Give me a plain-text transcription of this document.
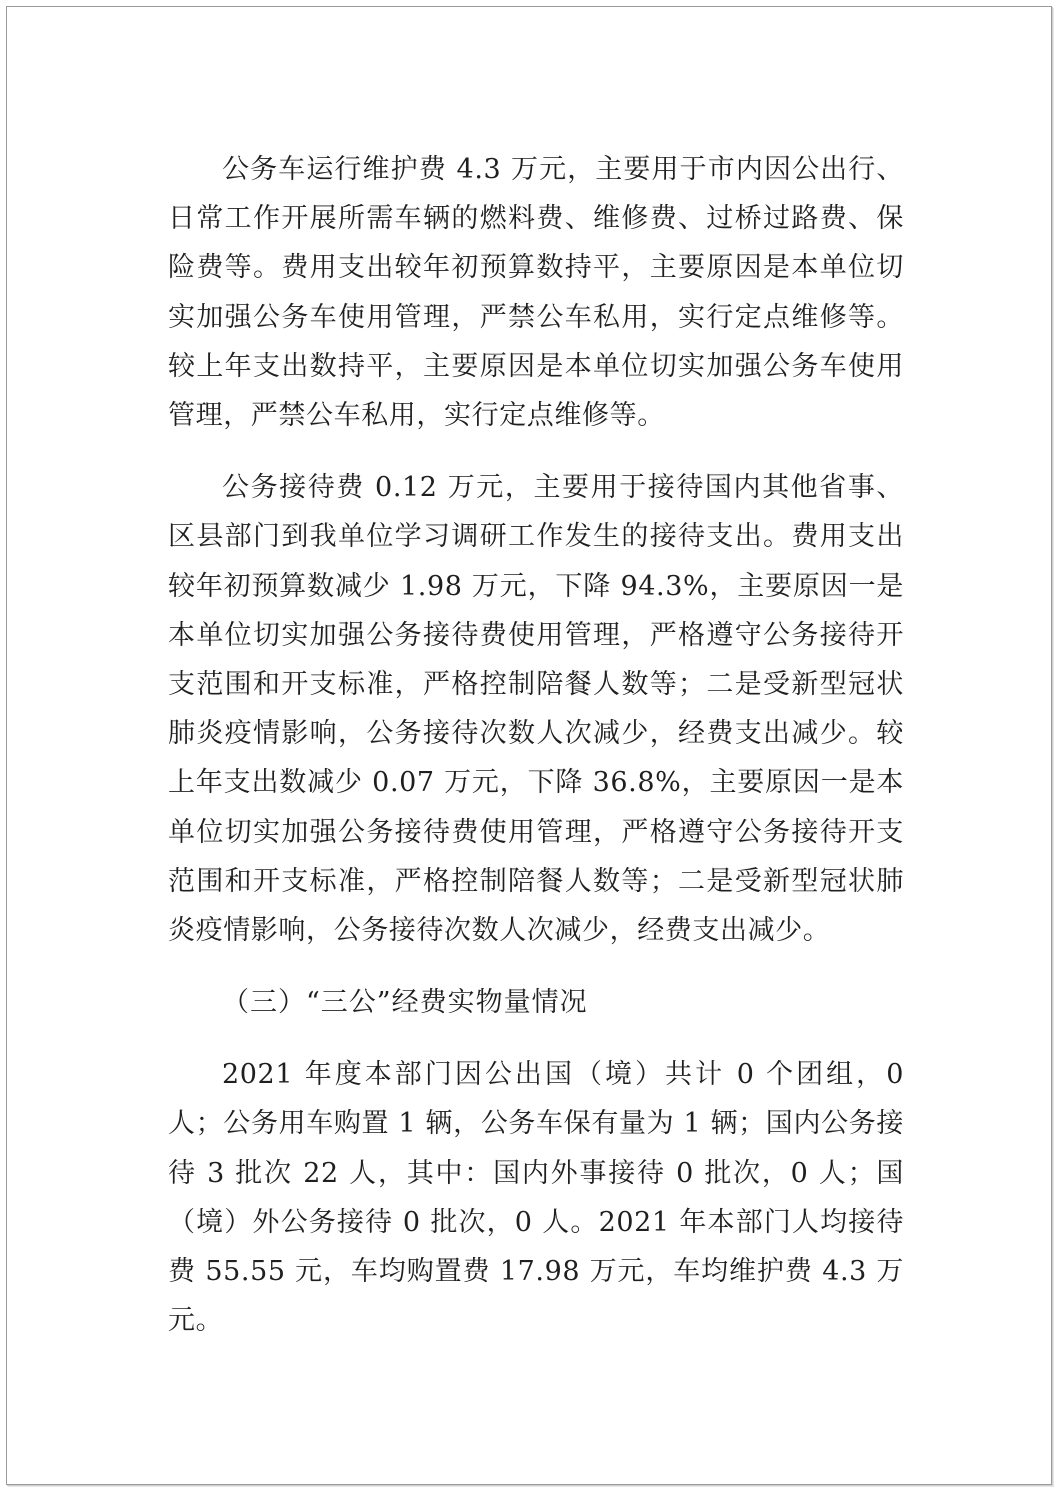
公务车运行维护费 4.3 万元，主要用于市内因公出行、日常工作开展所需车辆的燃料费、维修费、过桥过路费、保险费等。费用支出较年初预算数持平，主要原因是本单位切实加强公务车使用管理，严禁公车私用，实行定点维修等。较上年支出数持平，主要原因是本单位切实加强公务车使用管理，严禁公车私用，实行定点维修等。

公务接待费 0.12 万元，主要用于接待国内其他省事、区县部门到我单位学习调研工作发生的接待支出。费用支出较年初预算数减少 1.98 万元，下降 94.3%，主要原因一是本单位切实加强公务接待费使用管理，严格遵守公务接待开支范围和开支标准，严格控制陪餐人数等；二是受新型冠状肺炎疫情影响，公务接待次数人次减少，经费支出减少。较上年支出数减少 0.07 万元，下降 36.8%，主要原因一是本单位切实加强公务接待费使用管理，严格遵守公务接待开支范围和开支标准，严格控制陪餐人数等；二是受新型冠状肺炎疫情影响，公务接待次数人次减少，经费支出减少。

（三）“三公”经费实物量情况

2021 年度本部门因公出国（境）共计 0 个团组，0 人；公务用车购置 1 辆，公务车保有量为 1 辆；国内公务接待 3 批次 22 人，其中：国内外事接待 0 批次，0 人；国（境）外公务接待 0 批次，0 人。2021 年本部门人均接待费 55.55 元，车均购置费 17.98 万元，车均维护费 4.3 万元。
